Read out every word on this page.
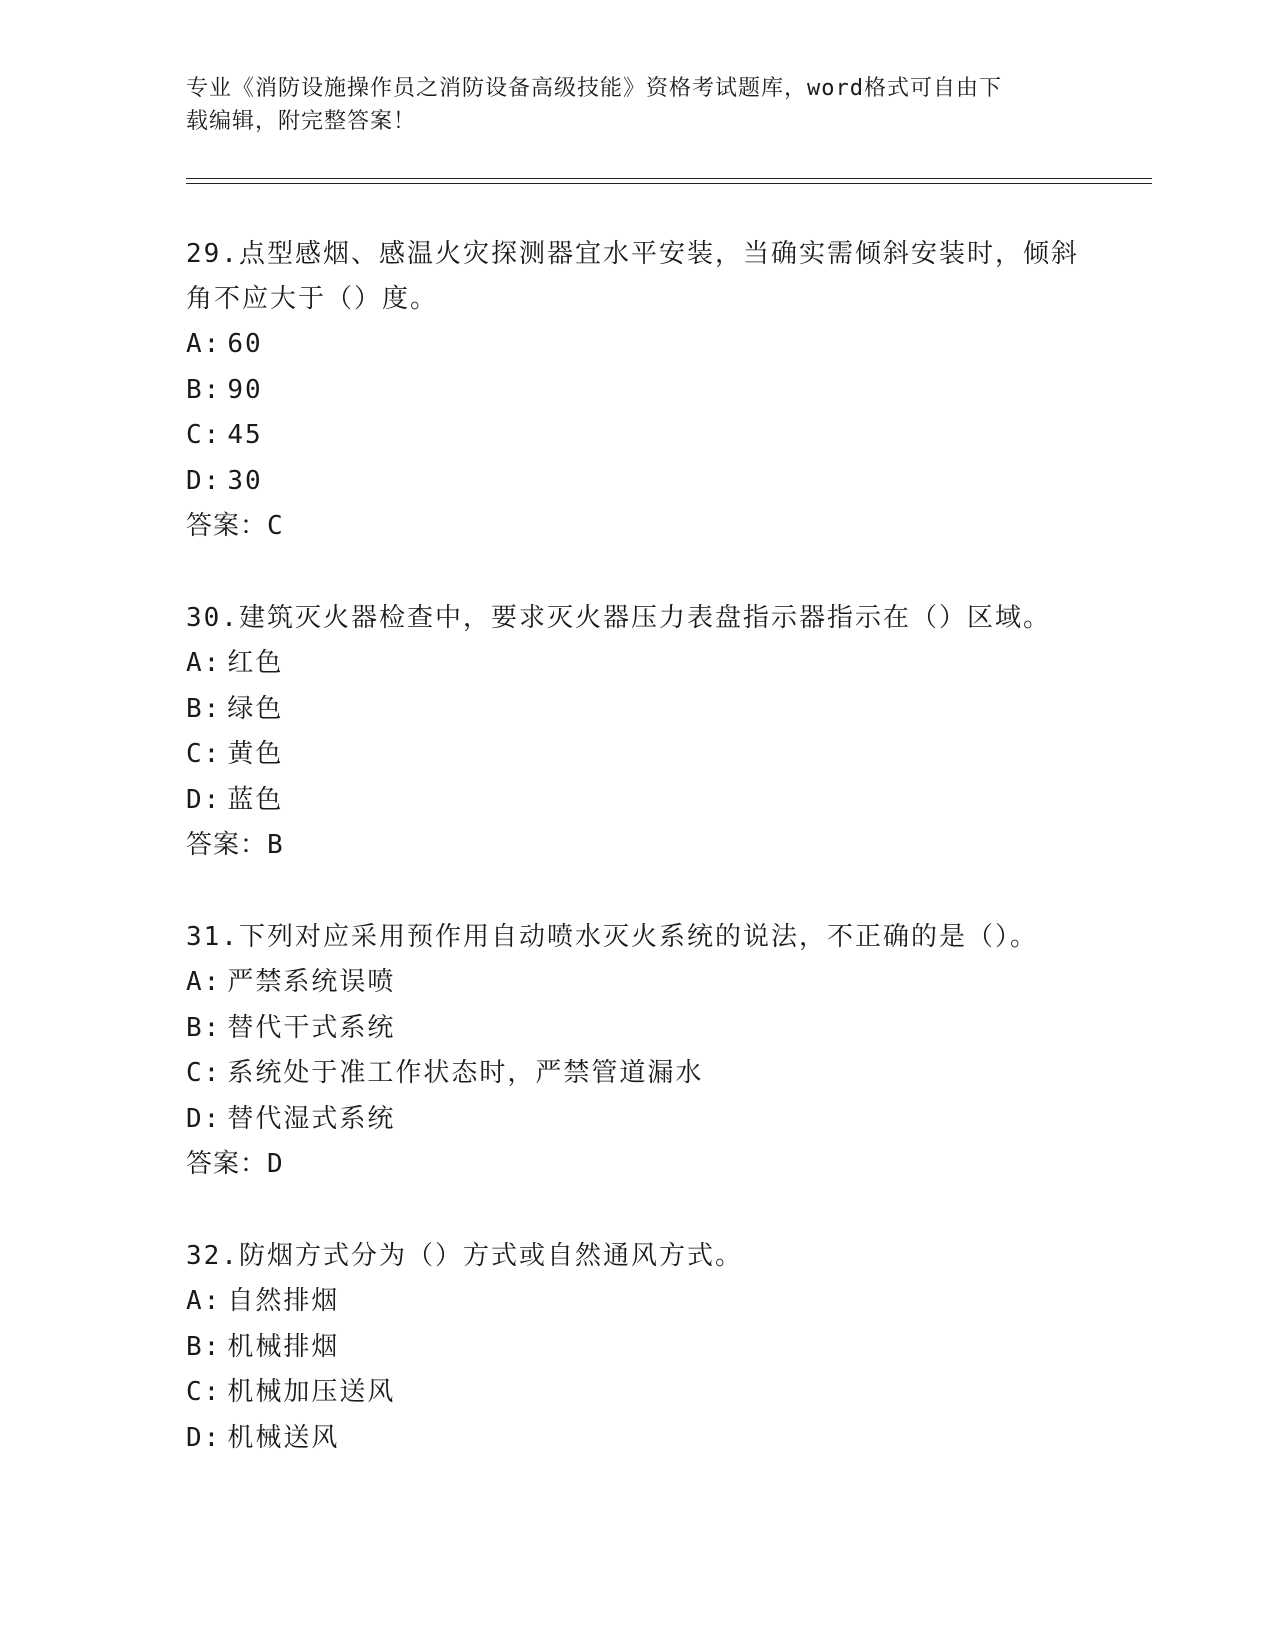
专业《消防设施操作员之消防设备高级技能》资格考试题库，word格式可自由下
载编辑，附完整答案！

29.点型感烟、感温火灾探测器宜水平安装，当确实需倾斜安装时，倾斜角不应大于（）度。

A: 60
B: 90
C: 45
D: 30
答案：C

30.建筑灭火器检查中，要求灭火器压力表盘指示器指示在（）区域。

A: 红色
B: 绿色
C: 黄色
D: 蓝色
答案：B

31.下列对应采用预作用自动喷水灭火系统的说法，不正确的是（）。

A: 严禁系统误喷
B: 替代干式系统
C: 系统处于准工作状态时，严禁管道漏水
D: 替代湿式系统
答案：D

32.防烟方式分为（）方式或自然通风方式。

A: 自然排烟
B: 机械排烟
C: 机械加压送风
D: 机械送风
